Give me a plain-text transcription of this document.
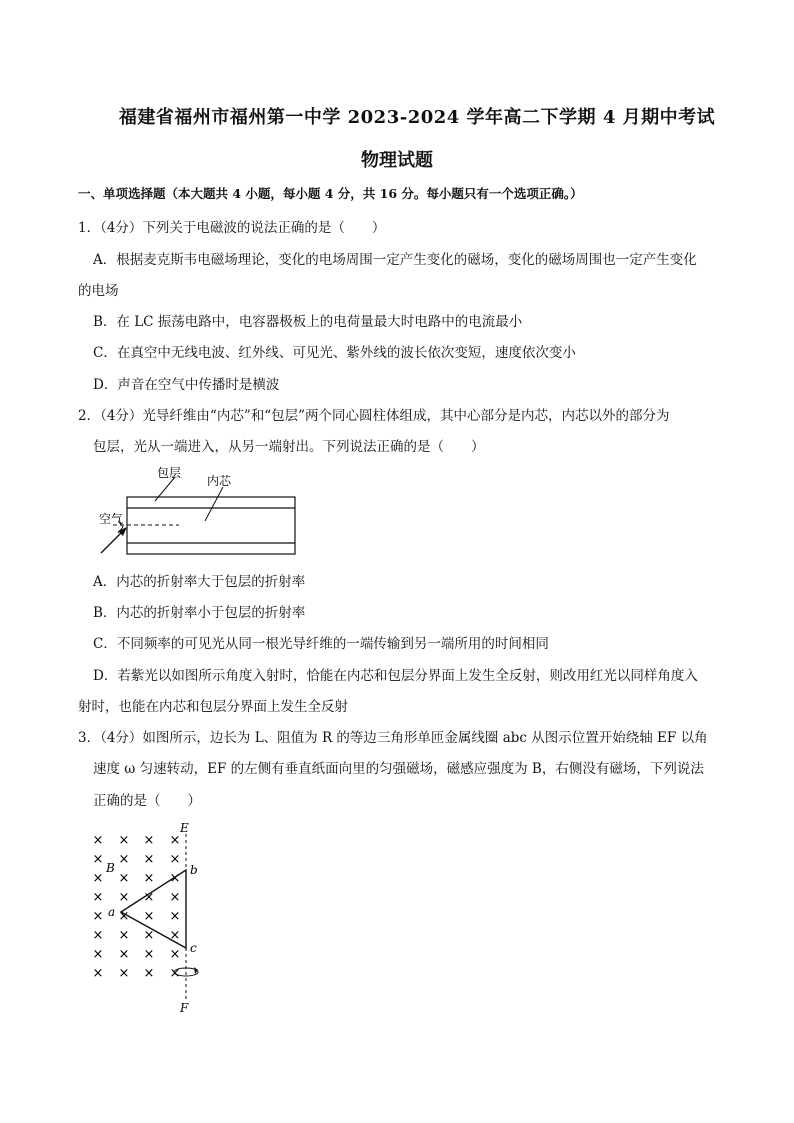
福建省福州市福州第一中学 2023-2024 学年高二下学期 4 月期中考试
物理试题
一、单项选择题（本大题共 4 小题，每小题 4 分，共 16 分。每小题只有一个选项正确。）
1．（4分）下列关于电磁波的说法正确的是（　　）
A．根据麦克斯韦电磁场理论，变化的电场周围一定产生变化的磁场，变化的磁场周围也一定产生变化
的电场
B．在 LC 振荡电路中，电容器极板上的电荷量最大时电路中的电流最小
C．在真空中无线电波、红外线、可见光、紫外线的波长依次变短，速度依次变小
D．声音在空气中传播时是横波
2．（4分）光导纤维由“内芯”和“包层”两个同心圆柱体组成，其中心部分是内芯，内芯以外的部分为
包层，光从一端进入，从另一端射出。下列说法正确的是（　　）
包层
内芯
空气
A．内芯的折射率大于包层的折射率
B．内芯的折射率小于包层的折射率
C．不同频率的可见光从同一根光导纤维的一端传输到另一端所用的时间相同
D．若紫光以如图所示角度入射时，恰能在内芯和包层分界面上发生全反射，则改用红光以同样角度入
射时，也能在内芯和包层分界面上发生全反射
3．（4分）如图所示，边长为 L、阻值为 R 的等边三角形单匝金属线圈 abc 从图示位置开始绕轴 EF 以角
速度 ω 匀速转动，EF 的左侧有垂直纸面向里的匀强磁场，磁感应强度为 B，右侧没有磁场，下列说法
正确的是（　　）
× × × ×
× × × ×
× × × ×
× × × ×
× × × ×
× × × ×
× × × ×
× × × ×
E
F
B
a
b
c
